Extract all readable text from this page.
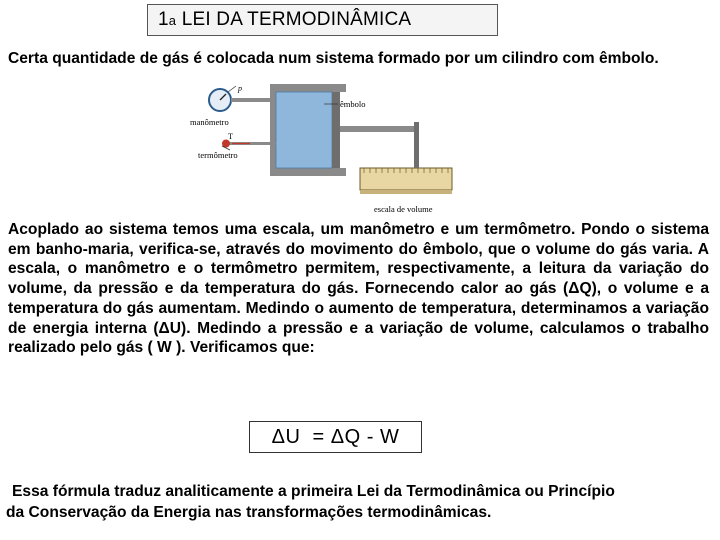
1 a
LEI DA TERMODINÂMICA
Certa quantidade de gás é colocada num sistema formado por um cilindro com êmbolo.
p
manômetro
T
termômetro
êmbolo
escala de volume
Acoplado ao sistema temos uma escala, um manômetro e um termômetro. Pondo o sistema em banho-maria, verifica-se, através do movimento do êmbolo, que o volume do gás varia. A escala, o manômetro e o termômetro permitem, respectivamente, a leitura da variação do volume, da pressão e da temperatura do gás. Fornecendo calor ao gás (ΔQ), o volume e a temperatura do gás aumentam. Medindo o aumento de temperatura, determinamos a variação de energia interna (ΔU). Medindo a pressão e a variação de volume, calculamos o trabalho realizado pelo gás ( W ). Verificamos que:
ΔU  = ΔQ - W
Essa fórmula traduz analiticamente a primeira Lei da Termodinâmica ou Princípio
da Conservação da Energia nas transformações termodinâmicas.
